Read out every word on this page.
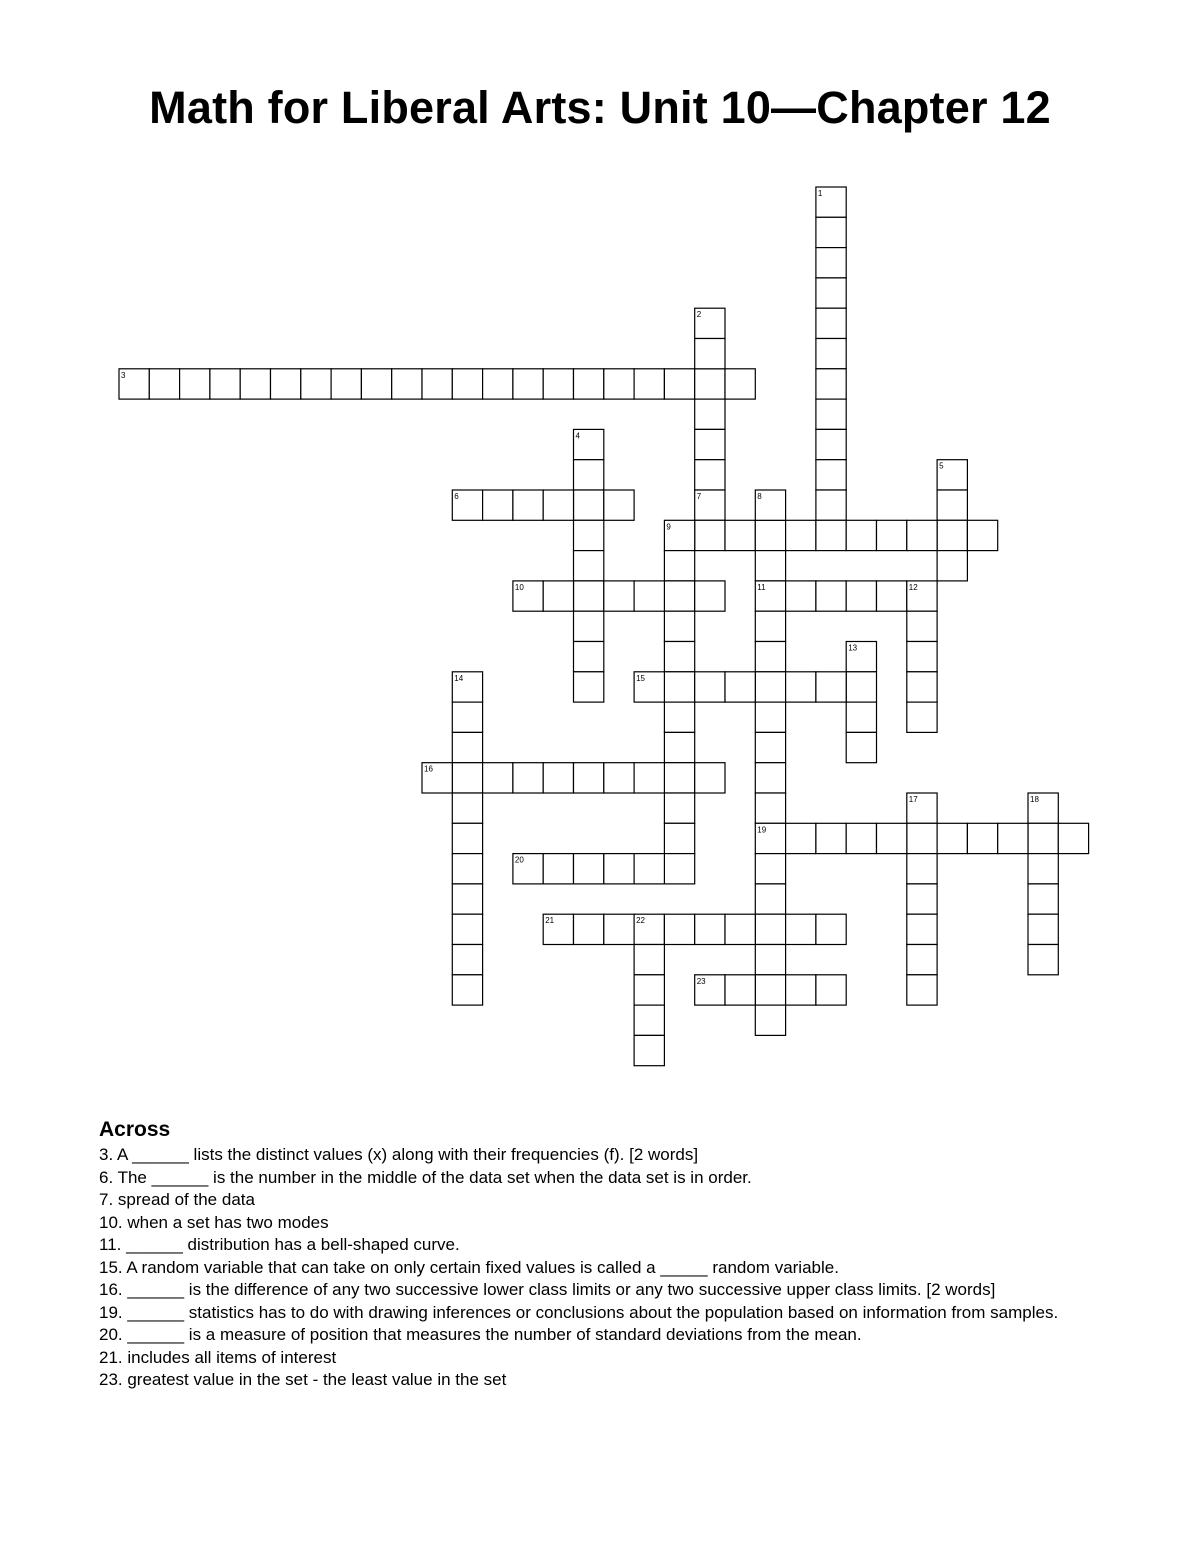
Math for Liberal Arts: Unit 10—Chapter 12
1
2
3
4
5
6	7	8
9
10	11	12
13
14	15
16
17	18
19
20
21	22
23
Across
3. A ______ lists the distinct values (x) along with their frequencies (f). [2 words]
6. The ______ is the number in the middle of the data set when the data set is in order.
7. spread of the data
10. when a set has two modes
11. ______ distribution has a bell-shaped curve.
15. A random variable that can take on only certain fixed values is called a _____ random variable.
16. ______ is the difference of any two successive lower class limits or any two successive upper class limits. [2 words]
19. ______ statistics has to do with drawing inferences or conclusions about the population based on information from samples.
20. ______ is a measure of position that measures the number of standard deviations from the mean.
21. includes all items of interest
23. greatest value in the set - the least value in the set
